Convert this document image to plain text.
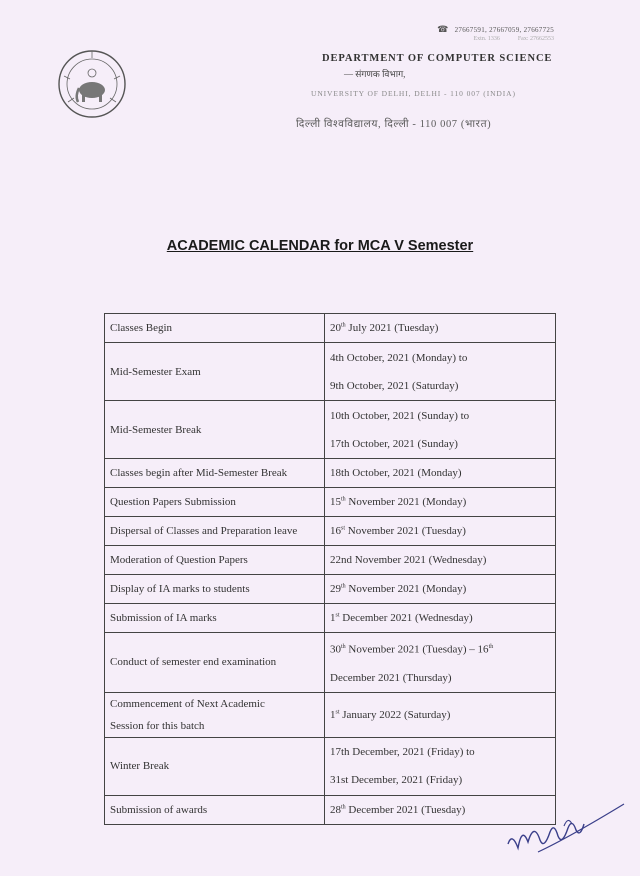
☎ 27667591, 27667059, 27667725
Extn. 1336	Fax: 27662553
DEPARTMENT OF COMPUTER SCIENCE
— संगणक विभाग,
UNIVERSITY OF DELHI, DELHI - 110 007 (INDIA)
दिल्ली विश्वविद्यालय, दिल्ली - 110 007 (भारत)
ACADEMIC CALENDAR for MCA V Semester
Classes Begin	20th July 2021 (Tuesday)

Mid-Semester Exam	4th October, 2021 (Monday) to
9th October, 2021 (Saturday)

Mid-Semester Break	10th October, 2021 (Sunday) to
17th October, 2021 (Sunday)

Classes begin after Mid-Semester Break	18th October, 2021 (Monday)

Question Papers Submission	15th November 2021 (Monday)

Dispersal of Classes and Preparation leave	16st November 2021 (Tuesday)

Moderation of Question Papers	22nd November 2021 (Wednesday)

Display of IA marks to students	29th November 2021 (Monday)

Submission of IA marks	1st December 2021 (Wednesday)

Conduct of semester end examination	30th November 2021 (Tuesday) – 16th
December 2021 (Thursday)

Commencement of Next Academic
Session for this batch	1st January 2022 (Saturday)

Winter Break	17th December, 2021 (Friday) to
31st December, 2021 (Friday)

Submission of awards	28th December 2021 (Tuesday)
